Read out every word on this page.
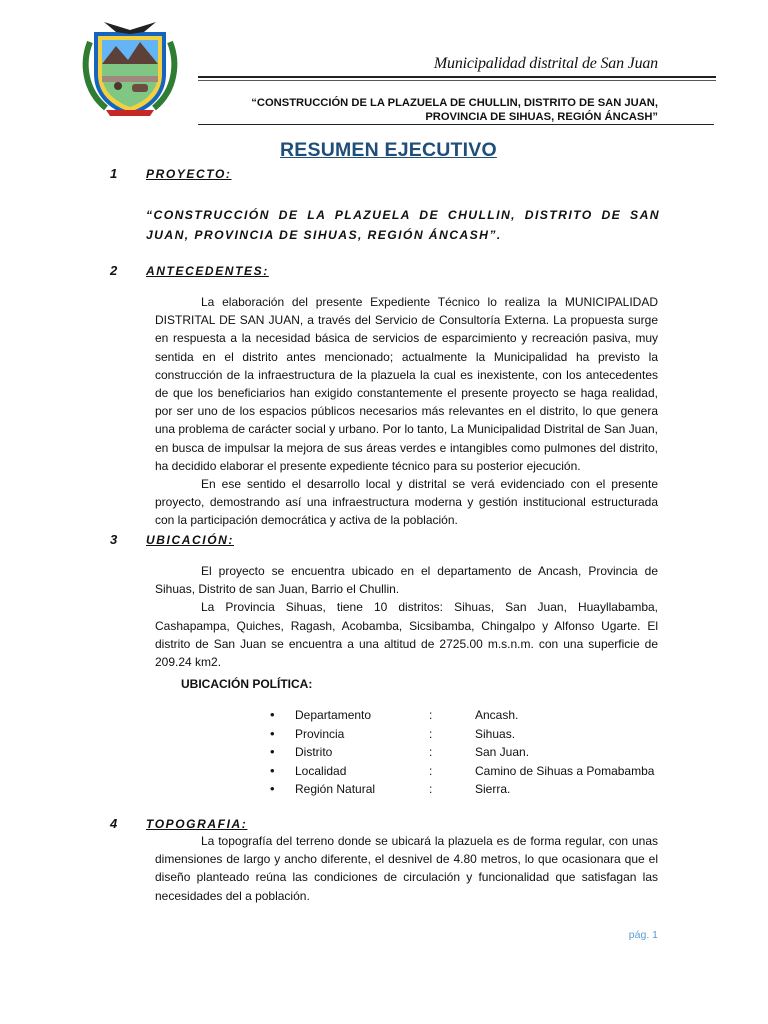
Municipalidad distrital de San Juan
“CONSTRUCCIÓN DE LA PLAZUELA DE CHULLIN, DISTRITO DE SAN JUAN,
PROVINCIA DE SIHUAS, REGIÓN ÁNCASH”
RESUMEN EJECUTIVO
1 PROYECTO:
“CONSTRUCCIÓN DE LA PLAZUELA DE CHULLIN, DISTRITO DE SAN JUAN, PROVINCIA DE SIHUAS, REGIÓN ÁNCASH”.
2 ANTECEDENTES:

La elaboración del presente Expediente Técnico lo realiza la MUNICIPALIDAD DISTRITAL DE SAN JUAN, a través del Servicio de Consultoría Externa. La propuesta surge en respuesta a la necesidad básica de servicios de esparcimiento y recreación pasiva, muy sentida en el distrito antes mencionado; actualmente la Municipalidad ha previsto la construcción de la infraestructura de la plazuela la cual es inexistente, con los antecedentes de que los beneficiarios han exigido constantemente el presente proyecto se haga realidad, por ser uno de los espacios públicos necesarios más relevantes en el distrito, lo que genera una problema de carácter social y urbano. Por lo tanto, La Municipalidad Distrital de San Juan, en busca de impulsar la mejora de sus áreas verdes e intangibles como pulmones del distrito, ha decidido elaborar el presente expediente técnico para su posterior ejecución.

En ese sentido el desarrollo local y distrital se verá evidenciado con el presente proyecto, demostrando así una infraestructura moderna y gestión institucional estructurada con la participación democrática y activa de la población.

3 UBICACIÓN:

El proyecto se encuentra ubicado en el departamento de Ancash, Provincia de Sihuas, Distrito de san Juan, Barrio el Chullin.

La Provincia Sihuas, tiene 10 distritos: Sihuas, San Juan, Huayllabamba, Cashapampa, Quiches, Ragash, Acobamba, Sicsibamba, Chingalpo y Alfonso Ugarte. El distrito de San Juan se encuentra a una altitud de 2725.00 m.s.n.m. con una superficie de 209.24 km2.

UBICACIÓN POLÍTICA:
•	Departamento	:	Ancash.
•	Provincia	:	Sihuas.
•	Distrito	:	San Juan.
•	Localidad	:	Camino de Sihuas a Pomabamba
•	Región Natural	:	Sierra.
4 TOPOGRAFIA:

La topografía del terreno donde se ubicará la plazuela es de forma regular, con unas dimensiones de largo y ancho diferente, el desnivel de 4.80 metros, lo que ocasionara que el diseño planteado reúna las condiciones de circulación y funcionalidad que satisfagan las necesidades del a población.

pág. 1
